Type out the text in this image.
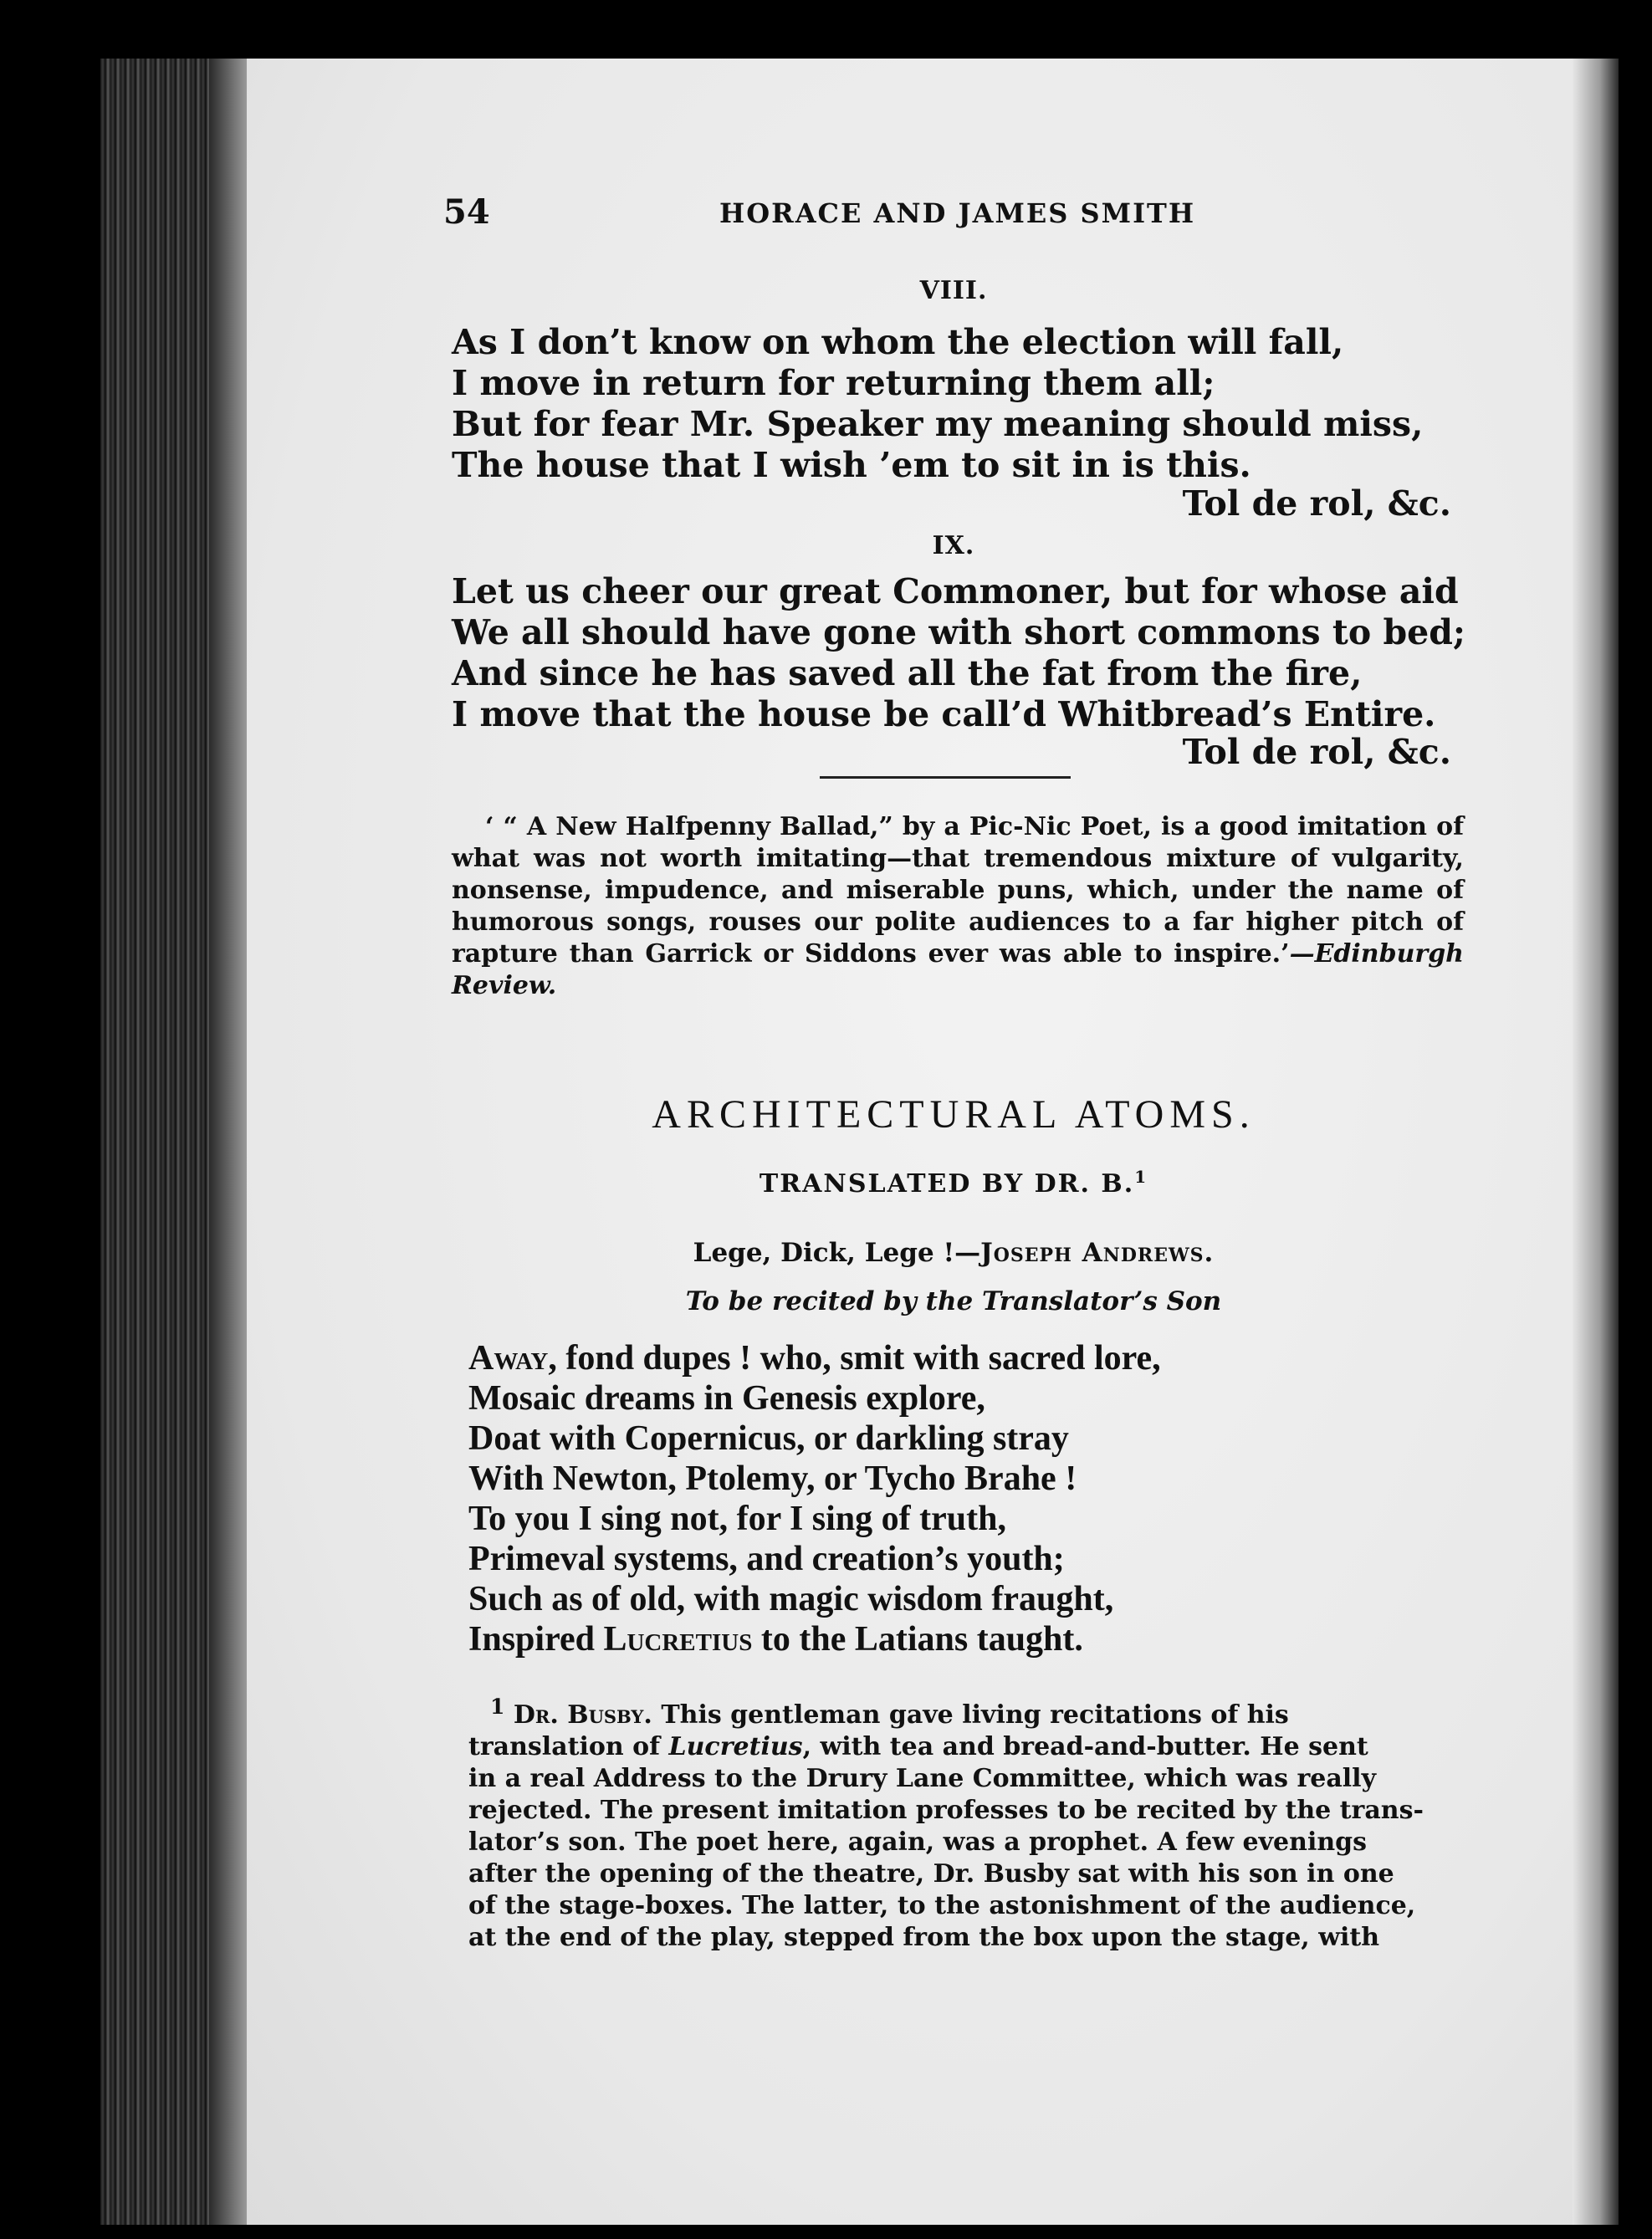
54	HORACE AND JAMES SMITH
VIII.
As I don’t know on whom the election will fall,
I move in return for returning them all;
But for fear Mr. Speaker my meaning should miss,
The house that I wish ’em to sit in is this.
Tol de rol, &c.
IX.
Let us cheer our great Commoner, but for whose aid
We all should have gone with short commons to bed;
And since he has saved all the fat from the fire,
I move that the house be call’d Whitbread’s Entire.
Tol de rol, &c.

‘ “ A New Halfpenny Ballad,” by a Pic-Nic Poet, is a good imitation of what was not worth imitating—that tremendous mixture of vulgarity, nonsense, impudence, and miserable puns, which, under the name of humorous songs, rouses our polite audiences to a far higher pitch of rapture than Garrick or Siddons ever was able to inspire.’—Edinburgh Review.

ARCHITECTURAL ATOMS.
TRANSLATED BY DR. B.$^1$
Lege, Dick, Lege !—Joseph Andrews.
To be recited by the Translator’s Son
Away, fond dupes ! who, smit with sacred lore,
Mosaic dreams in Genesis explore,
Doat with Copernicus, or darkling stray
With Newton, Ptolemy, or Tycho Brahe !
To you I sing not, for I sing of truth,
Primeval systems, and creation’s youth;
Such as of old, with magic wisdom fraught,
Inspired Lucretius to the Latians taught.
$^1$ Dr. Busby. This gentleman gave living recitations of his
translation of Lucretius, with tea and bread-and-butter. He sent
in a real Address to the Drury Lane Committee, which was really
rejected. The present imitation professes to be recited by the trans-
lator’s son. The poet here, again, was a prophet. A few evenings
after the opening of the theatre, Dr. Busby sat with his son in one
of the stage-boxes. The latter, to the astonishment of the audience,
at the end of the play, stepped from the box upon the stage, with
